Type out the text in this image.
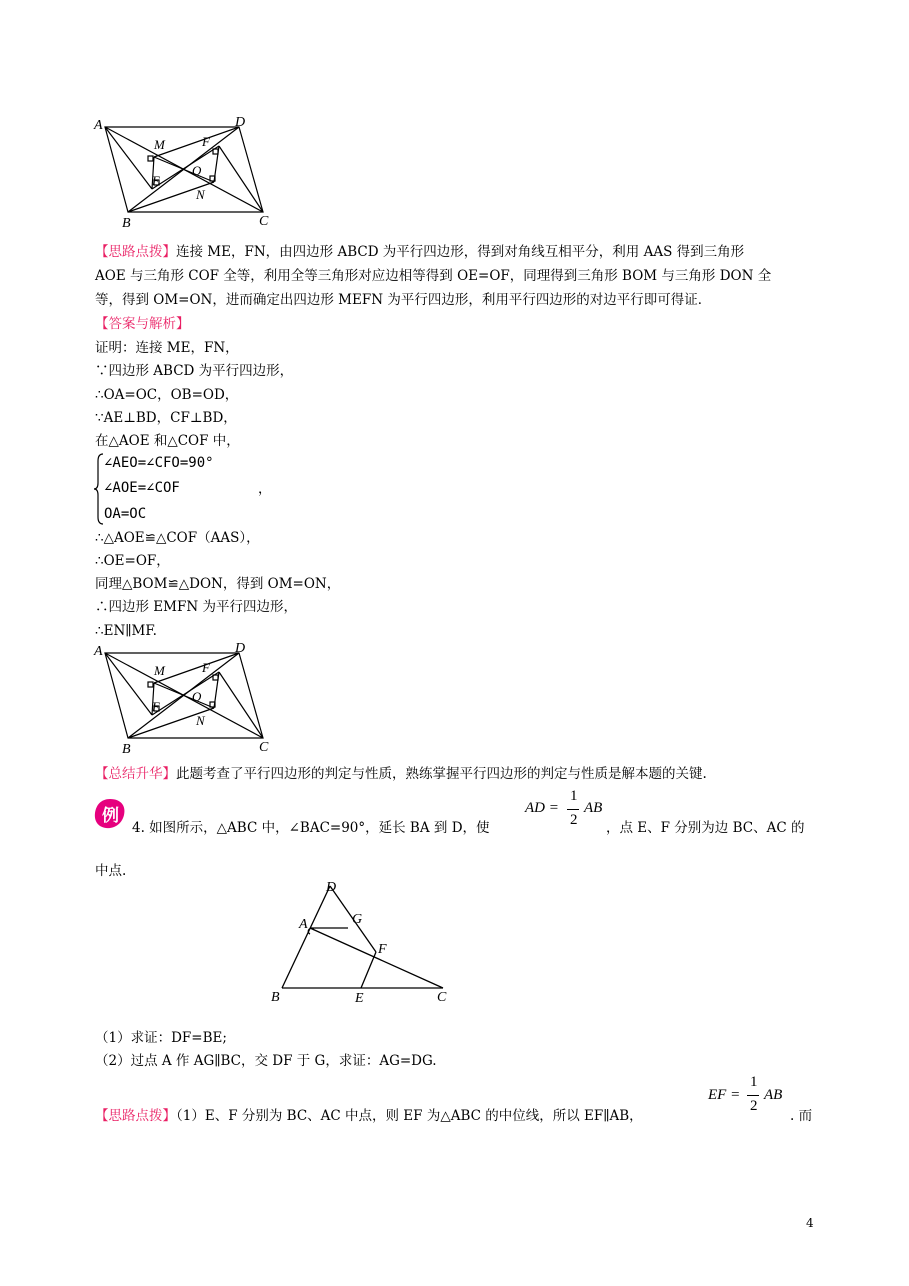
A	D
B	C
M	F
E
O
N
【思路点拨】连接 ME，FN，由四边形 ABCD 为平行四边形，得到对角线互相平分，利用 AAS 得到三角形
AOE 与三角形 COF 全等，利用全等三角形对应边相等得到 OE=OF，同理得到三角形 BOM 与三角形 DON 全
等，得到 OM=ON，进而确定出四边形 MEFN 为平行四边形，利用平行四边形的对边平行即可得证．
【答案与解析】
证明：连接 ME，FN，
∵四边形 ABCD 为平行四边形，
∴OA=OC，OB=OD，
∵AE⊥BD，CF⊥BD，
在△AOE 和△COF 中，
∠AEO=∠CFO=90°
∠AOE=∠COF
OA=OC
，
∴△AOE≌△COF（AAS），
∴OE=OF，
同理△BOM≌△DON，得到 OM=ON，
∴四边形 EMFN 为平行四边形，
∴EN∥MF.
A	D
B	C
M	F
E
O
N
【总结升华】此题考查了平行四边形的判定与性质，熟练掌握平行四边形的判定与性质是解本题的关键.
例
4. 如图所示，△ABC 中，∠BAC=90°，延长 BA 到 D，使
AD =
1
2
AB
，点 E、F 分别为边 BC、AC 的
中点.
D
G
A
F
B	E	C
（1）求证：DF=BE;
（2）过点 A 作 AG∥BC，交 DF 于 G，求证：AG=DG.
【思路点拨】（1）E、F 分别为 BC、AC 中点，则 EF 为△ABC 的中位线，所以 EF∥AB，
EF =
1
2
AB
. 而
4
